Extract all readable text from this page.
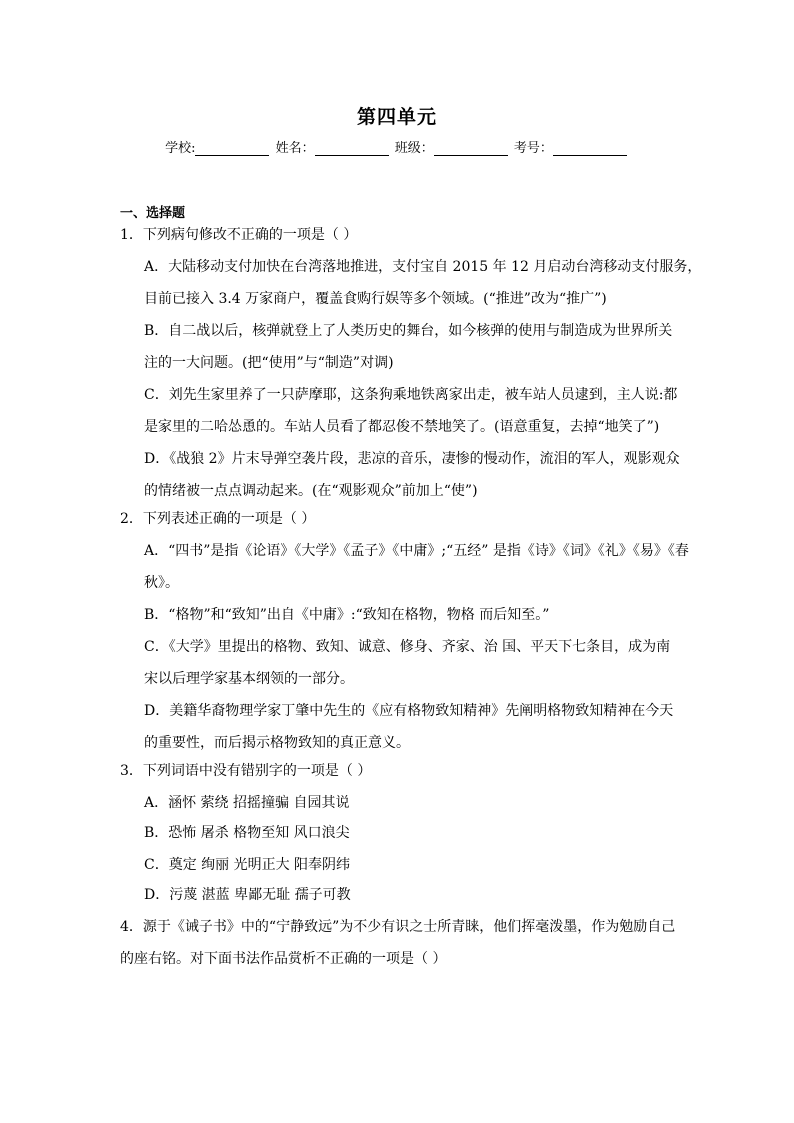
第四单元
学校:	姓名：	班级：	考号：
一、选择题
1．下列病句修改不正确的一项是（ ）
A．大陆移动支付加快在台湾落地推进，支付宝自 2015 年 12 月启动台湾移动支付服务，
目前已接入 3.4 万家商户，覆盖食购行娱等多个领域。(“推进”改为“推广”)
B．自二战以后，核弹就登上了人类历史的舞台，如今核弹的使用与制造成为世界所关
注的一大问题。(把“使用”与“制造”对调)
C．刘先生家里养了一只萨摩耶，这条狗乘地铁离家出走，被车站人员逮到，主人说:都
是家里的二哈怂恿的。车站人员看了都忍俊不禁地笑了。(语意重复，去掉“地笑了”)
D．《战狼 2》片末导弹空袭片段，悲凉的音乐，凄惨的慢动作，流泪的军人，观影观众
的情绪被一点点调动起来。(在“观影观众”前加上“使”)
2．下列表述正确的一项是（ ）
A．“四书”是指《论语》《大学》《孟子》《中庸》;“五经” 是指《诗》《词》《礼》《易》《春
秋》。
B．“格物”和“致知”出自《中庸》:“致知在格物，物格 而后知至。”
C．《大学》里提出的格物、致知、诚意、修身、齐家、治 国、平天下七条目，成为南
宋以后理学家基本纲领的一部分。
D．美籍华裔物理学家丁肇中先生的《应有格物致知精神》先阐明格物致知精神在今天
的重要性，而后揭示格物致知的真正意义。
3．下列词语中没有错别字的一项是（ ）
A．涵怀 萦绕 招摇撞骗 自园其说
B．恐怖 屠杀 格物至知 风口浪尖
C．奠定 绚丽 光明正大 阳奉阴纬
D．污蔑 湛蓝 卑鄙无耻 孺子可教
4．源于《诫子书》中的“宁静致远”为不少有识之士所青睐，他们挥毫泼墨，作为勉励自己
的座右铭。对下面书法作品赏析不正确的一项是（ ）
